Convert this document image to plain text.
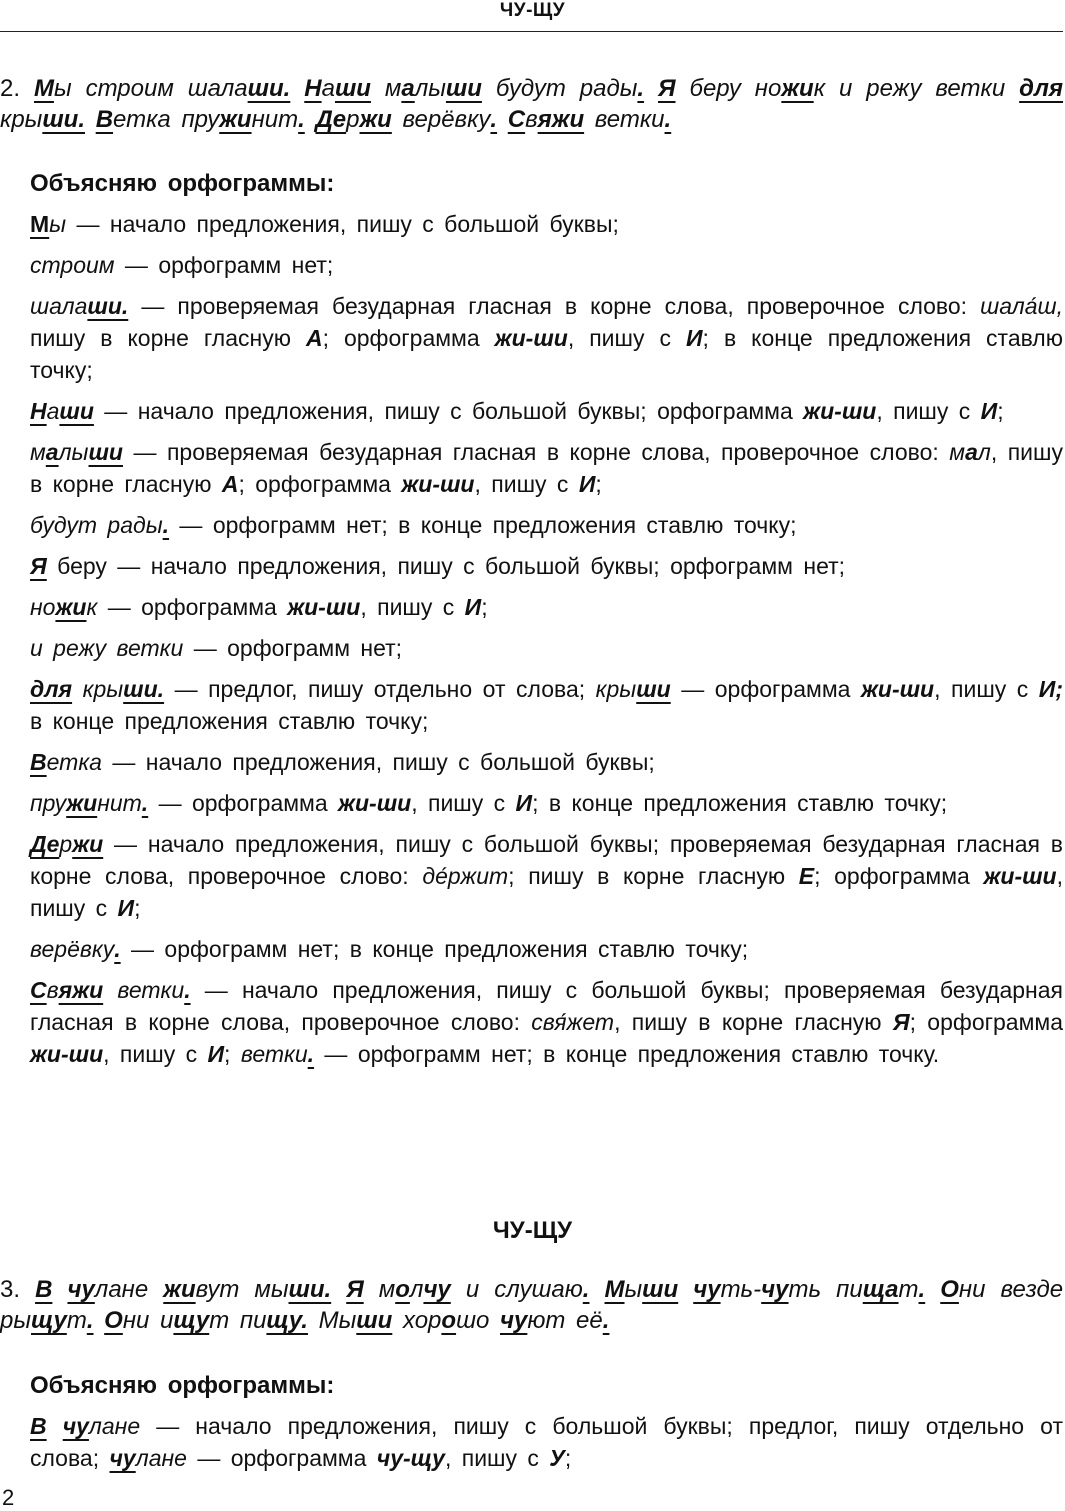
ЧУ-ЩУ

2. Мы строим шалаши. Наши малыши будут рады. Я беру ножик и режу ветки для крыши. Ветка пружинит. Держи верёвку. Свяжи ветки.

Объясняю орфограммы:

Мы — начало предложения, пишу с большой буквы;

строим — орфограмм нет;

шалаши. — проверяемая безударная гласная в корне слова, проверочное слово: шала́ш, пишу в корне гласную А; орфограмма жи-ши, пишу с И; в конце предложения ставлю точку;

Наши — начало предложения, пишу с большой буквы; орфограмма жи-ши, пишу с И;

малыши — проверяемая безударная гласная в корне слова, проверочное слово: мал, пишу в корне гласную А; орфограмма жи-ши, пишу с И;

будут рады. — орфограмм нет; в конце предложения ставлю точку;

Я беру — начало предложения, пишу с большой буквы; орфограмм нет;

ножик — орфограмма жи-ши, пишу с И;

и режу ветки — орфограмм нет;

для крыши. — предлог, пишу отдельно от слова; крыши — орфограмма жи-ши, пишу с И; в конце предложения ставлю точку;

Ветка — начало предложения, пишу с большой буквы;

пружинит. — орфограмма жи-ши, пишу с И; в конце предложения ставлю точку;

Держи — начало предложения, пишу с большой буквы; проверяемая безударная гласная в корне слова, проверочное слово: де́ржит; пишу в корне гласную Е; орфограмма жи-ши, пишу с И;

верёвку. — орфограмм нет; в конце предложения ставлю точку;

Свяжи ветки. — начало предложения, пишу с большой буквы; проверяемая безударная гласная в корне слова, проверочное слово: свя́жет, пишу в корне гласную Я; орфограмма жи-ши, пишу с И; ветки. — орфограмм нет; в конце предложения ставлю точку.

ЧУ-ЩУ

3. В чулане живут мыши. Я молчу и слушаю. Мыши чуть-чуть пищат. Они везде рыщут. Они ищут пищу. Мыши хорошо чуют её.

Объясняю орфограммы:

В чулане — начало предложения, пишу с большой буквы; предлог, пишу отдельно от слова; чулане — орфограмма чу-щу, пишу с У;

2
